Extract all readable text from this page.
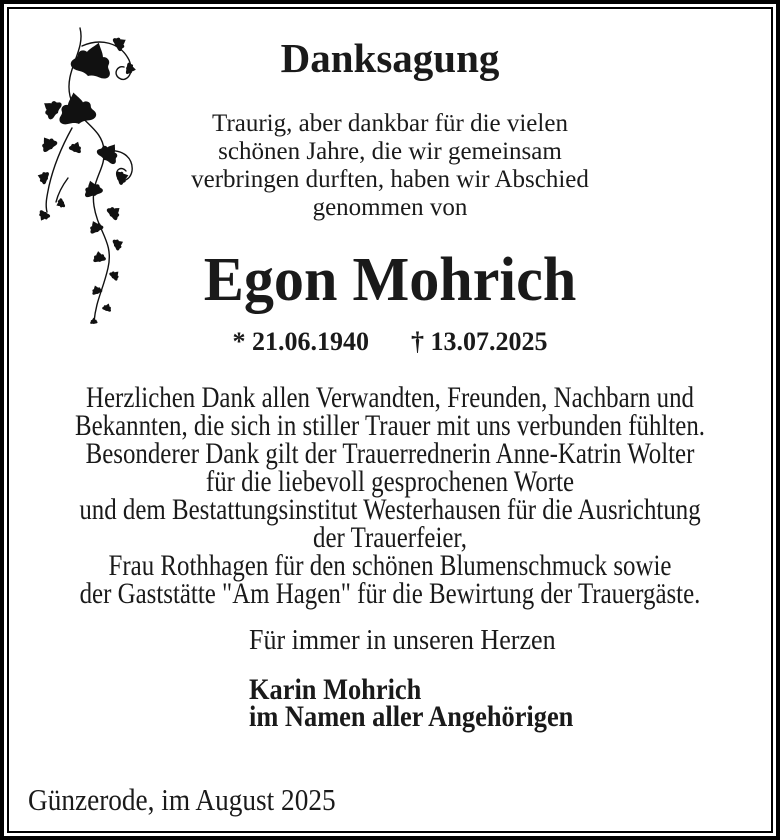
Danksagung
Traurig, aber dankbar für die vielen
schönen Jahre, die wir gemeinsam
verbringen durften, haben wir Abschied
genommen von
Egon Mohrich
* 21.06.1940 † 13.07.2025
Herzlichen Dank allen Verwandten, Freunden, Nachbarn und
Bekannten, die sich in stiller Trauer mit uns verbunden fühlten.
Besonderer Dank gilt der Trauerrednerin Anne-Katrin Wolter
für die liebevoll gesprochenen Worte
und dem Bestattungsinstitut Westerhausen für die Ausrichtung
der Trauerfeier,
Frau Rothhagen für den schönen Blumenschmuck sowie
der Gaststätte "Am Hagen" für die Bewirtung der Trauergäste.
Für immer in unseren Herzen
Karin Mohrich
im Namen aller Angehörigen
Günzerode, im August 2025
